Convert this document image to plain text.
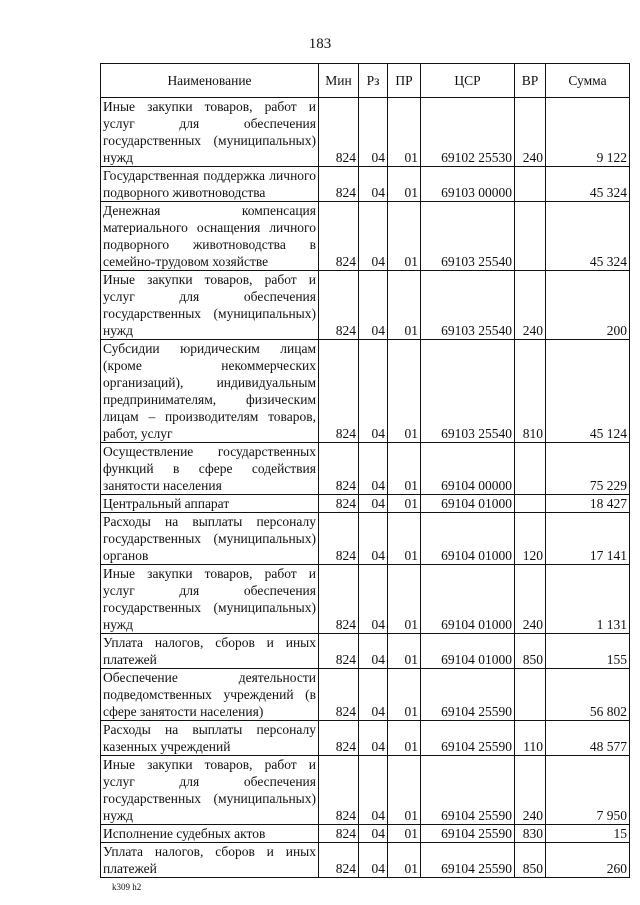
183
Наименование	Мин	Рз	ПР	ЦСР	ВР	Сумма
Иные закупки товаров, работ и услуг для обеспечения государственных (муниципальных) нужд	824	04	01	69102 25530	240	9 122
Государственная поддержка личного подворного животноводства	824	04	01	69103 00000		45 324
Денежная компенсация материального оснащения личного подворного животноводства в семейно-трудовом хозяйстве	824	04	01	69103 25540		45 324
Иные закупки товаров, работ и услуг для обеспечения государственных (муниципальных) нужд	824	04	01	69103 25540	240	200
Субсидии юридическим лицам (кроме некоммерческих организаций), индивидуальным предпринимателям, физическим лицам – производителям товаров, работ, услуг	824	04	01	69103 25540	810	45 124
Осуществление государственных функций в сфере содействия занятости населения	824	04	01	69104 00000		75 229
Центральный аппарат	824	04	01	69104 01000		18 427
Расходы на выплаты персоналу государственных (муниципальных) органов	824	04	01	69104 01000	120	17 141
Иные закупки товаров, работ и услуг для обеспечения государственных (муниципальных) нужд	824	04	01	69104 01000	240	1 131
Уплата налогов, сборов и иных платежей	824	04	01	69104 01000	850	155
Обеспечение деятельности подведомственных учреждений (в сфере занятости населения)	824	04	01	69104 25590		56 802
Расходы на выплаты персоналу казенных учреждений	824	04	01	69104 25590	110	48 577
Иные закупки товаров, работ и услуг для обеспечения государственных (муниципальных) нужд	824	04	01	69104 25590	240	7 950
Исполнение судебных актов	824	04	01	69104 25590	830	15
Уплата налогов, сборов и иных платежей	824	04	01	69104 25590	850	260
k309 h2
